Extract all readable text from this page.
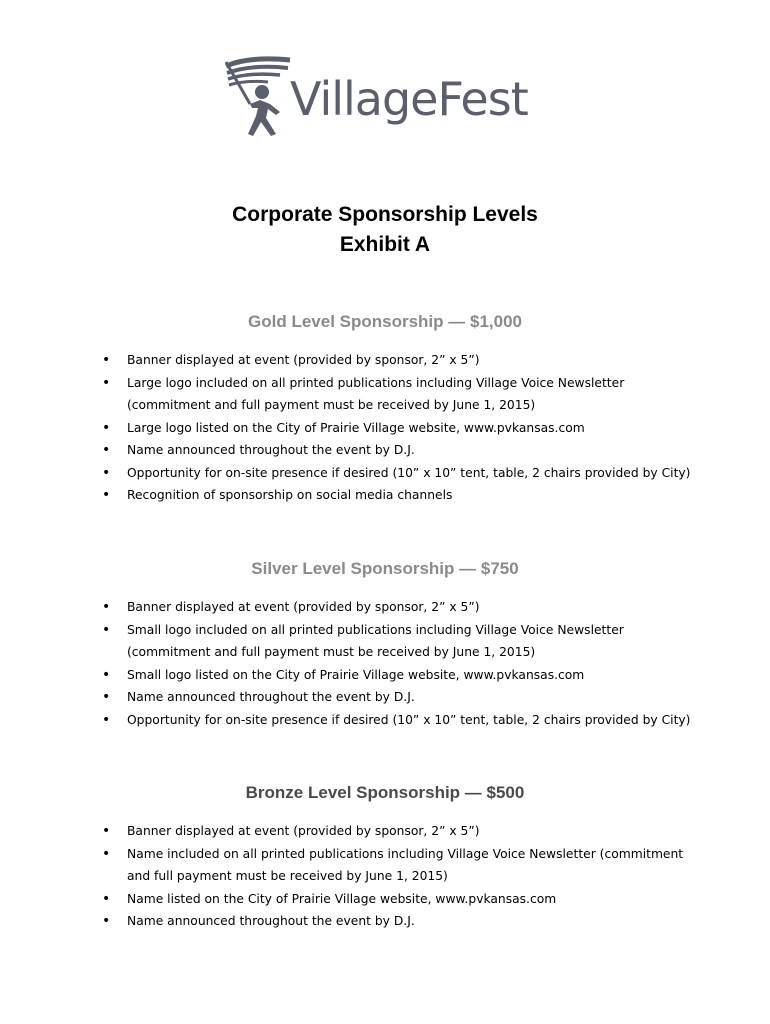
VillageFest
Corporate Sponsorship Levels
Exhibit A
Gold Level Sponsorship — $1,000
• Banner displayed at event (provided by sponsor, 2” x 5”)
• Large logo included on all printed publications including Village Voice Newsletter
(commitment and full payment must be received by June 1, 2015)
• Large logo listed on the City of Prairie Village website, www.pvkansas.com
• Name announced throughout the event by D.J.
• Opportunity for on-site presence if desired (10” x 10” tent, table, 2 chairs provided by City)
• Recognition of sponsorship on social media channels
Silver Level Sponsorship — $750
• Banner displayed at event (provided by sponsor, 2” x 5”)
• Small logo included on all printed publications including Village Voice Newsletter
(commitment and full payment must be received by June 1, 2015)
• Small logo listed on the City of Prairie Village website, www.pvkansas.com
• Name announced throughout the event by D.J.
• Opportunity for on-site presence if desired (10” x 10” tent, table, 2 chairs provided by City)
Bronze Level Sponsorship — $500
• Banner displayed at event (provided by sponsor, 2” x 5”)
• Name included on all printed publications including Village Voice Newsletter (commitment
and full payment must be received by June 1, 2015)
• Name listed on the City of Prairie Village website, www.pvkansas.com
• Name announced throughout the event by D.J.
